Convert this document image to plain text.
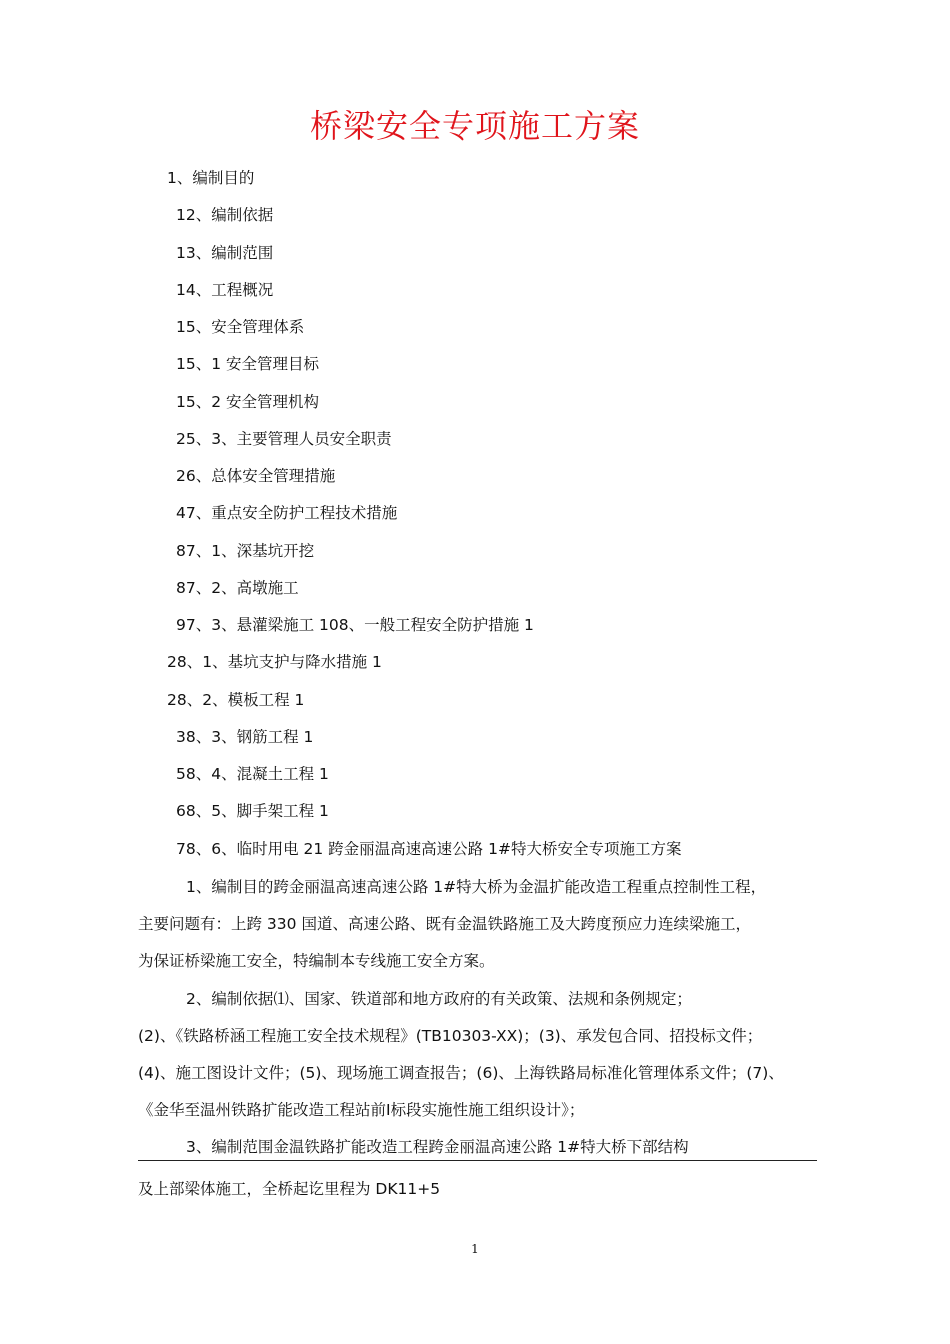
桥梁安全专项施工方案
1、编制目的
12、编制依据
13、编制范围
14、工程概况
15、安全管理体系
15、1 安全管理目标
15、2 安全管理机构
25、3、主要管理人员安全职责
26、总体安全管理措施
47、重点安全防护工程技术措施
87、1、深基坑开挖
87、2、高墩施工
97、3、悬灌梁施工 108、一般工程安全防护措施 1
28、1、基坑支护与降水措施 1
28、2、模板工程 1
38、3、钢筋工程 1
58、4、混凝土工程 1
68、5、脚手架工程 1
78、6、临时用电 21 跨金丽温高速高速公路 1#特大桥安全专项施工方案
1、编制目的跨金丽温高速高速公路 1#特大桥为金温扩能改造工程重点控制性工程，
主要问题有：上跨 330 国道、高速公路、既有金温铁路施工及大跨度预应力连续梁施工，
为保证桥梁施工安全，特编制本专线施工安全方案。
2、编制依据⑴、国家、铁道部和地方政府的有关政策、法规和条例规定；
(2)、《铁路桥涵工程施工安全技术规程》(TB10303-XX)；(3)、承发包合同、招投标文件；
(4)、施工图设计文件；(5)、现场施工调查报告；(6)、上海铁路局标准化管理体系文件；(7)、
《金华至温州铁路扩能改造工程站前Ⅰ标段实施性施工组织设计》；
3、编制范围金温铁路扩能改造工程跨金丽温高速公路 1#特大桥下部结构
及上部梁体施工，全桥起讫里程为 DK11+5
1
